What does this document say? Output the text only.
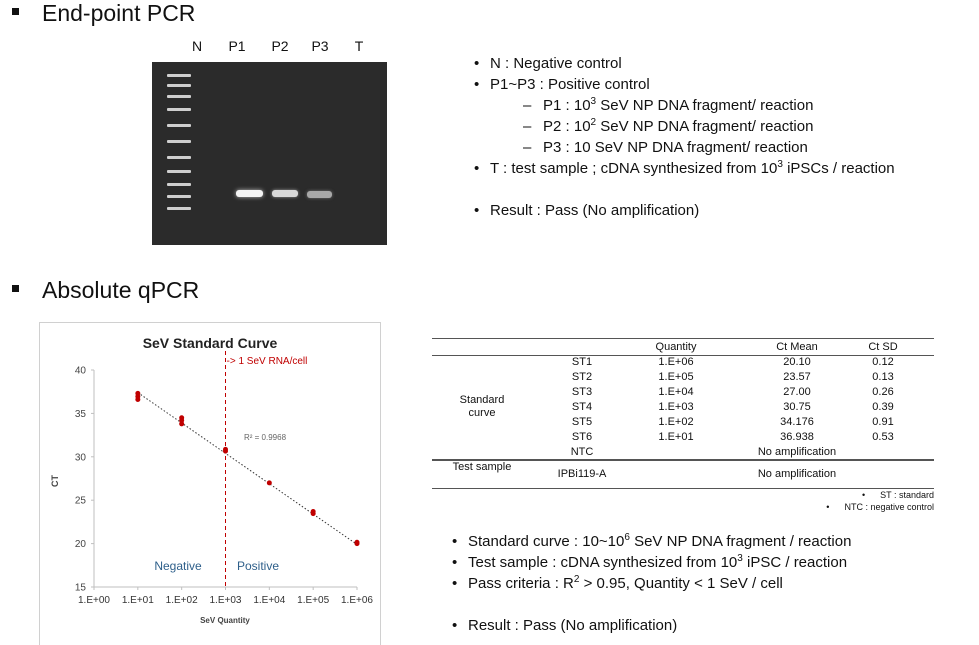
End-point PCR
N P1 P2 P3 T
• N : Negative control
• P1~P3 : Positive control
– P1 : $10^3$ SeV NP DNA fragment/ reaction
– P2 : $10^2$ SeV NP DNA fragment/ reaction
– P3 : 10 SeV NP DNA fragment/ reaction
• T : test sample ; cDNA synthesized from $10^3$ iPSCs / reaction
• Result : Pass (No amplification)
Absolute qPCR
15
20
25
30
35
40
1.E+00 1.E+01 1.E+02 1.E+03 1.E+04 1.E+05 1.E+06
SeV Standard Curve
SeV Quantity
CT
-> 1 SeV RNA/cell
R² = 0.9968
Negative	Positive
Quantity	Ct Mean	Ct SD
Standard curve
ST1	1.E+06	20.10	0.12
ST2	1.E+05	23.57	0.13
ST3	1.E+04	27.00	0.26
ST4	1.E+03	30.75	0.39
ST5	1.E+02	34.176	0.91
ST6	1.E+01	36.938	0.53
NTC	No amplification
Test sample
IPBi119-A	No amplification
•      ST : standard
•      NTC : negative control
• Standard curve : $10\sim 10^6$ SeV NP DNA fragment / reaction
• Test sample : cDNA synthesized from $10^3$ iPSC / reaction
• Pass criteria : $R^2 > 0.95$, Quantity < 1 SeV / cell
• Result : Pass (No amplification)
